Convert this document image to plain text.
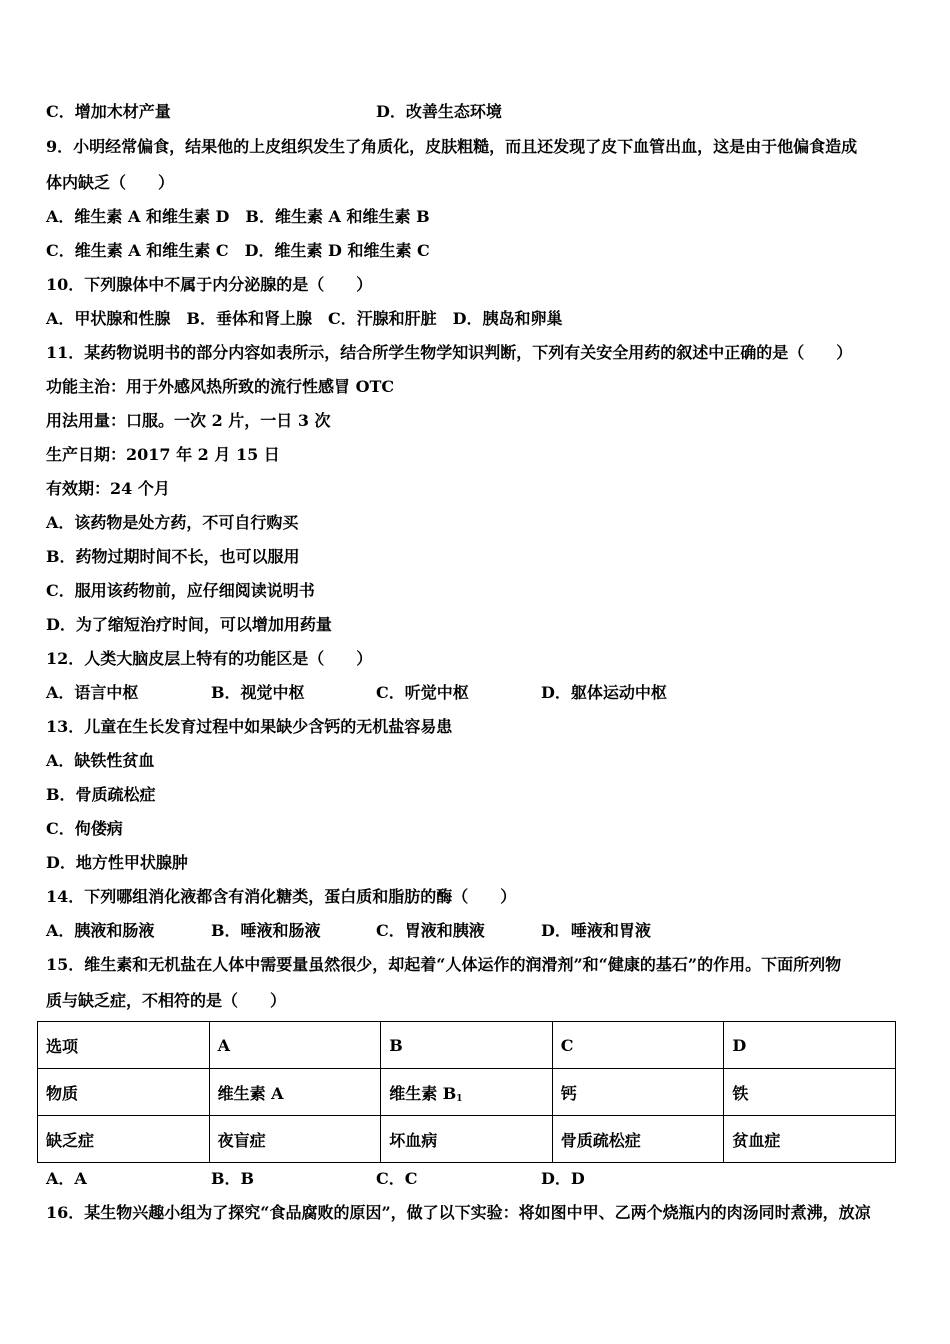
C．增加木材产量	D．改善生态环境
9．小明经常偏食，结果他的上皮组织发生了角质化，皮肤粗糙，而且还发现了皮下血管出血，这是由于他偏食造成
体内缺乏（　　）
A．维生素 A 和维生素 D　B．维生素 A 和维生素 B
C．维生素 A 和维生素 C　D．维生素 D 和维生素 C
10．下列腺体中不属于内分泌腺的是（　　）
A．甲状腺和性腺　B．垂体和肾上腺　C．汗腺和肝脏　D．胰岛和卵巢
11．某药物说明书的部分内容如表所示，结合所学生物学知识判断，下列有关安全用药的叙述中正确的是（　　）
功能主治：用于外感风热所致的流行性感冒 OTC
用法用量：口服。一次 2 片，一日 3 次
生产日期：2017 年 2 月 15 日
有效期：24 个月
A．该药物是处方药，不可自行购买
B．药物过期时间不长，也可以服用
C．服用该药物前，应仔细阅读说明书
D．为了缩短治疗时间，可以增加用药量
12．人类大脑皮层上特有的功能区是（　　）
A．语言中枢	B．视觉中枢	C．听觉中枢	D．躯体运动中枢
13．儿童在生长发育过程中如果缺少含钙的无机盐容易患
A．缺铁性贫血
B．骨质疏松症
C．佝偻病
D．地方性甲状腺肿
14．下列哪组消化液都含有消化糖类，蛋白质和脂肪的酶（　　）
A．胰液和肠液	B．唾液和肠液	C．胃液和胰液	D．唾液和胃液
15．维生素和无机盐在人体中需要量虽然很少，却起着“人体运作的润滑剂”和“健康的基石”的作用。下面所列物
质与缺乏症，不相符的是（　　）
选项	A	B	C	D
物质	维生素 A	维生素 $B_1$	钙	铁
缺乏症	夜盲症	坏血病	骨质疏松症	贫血症
A．A	B．B	C．C	D．D
16．某生物兴趣小组为了探究“食品腐败的原因”，做了以下实验：将如图中甲、乙两个烧瓶内的肉汤同时煮沸，放凉
